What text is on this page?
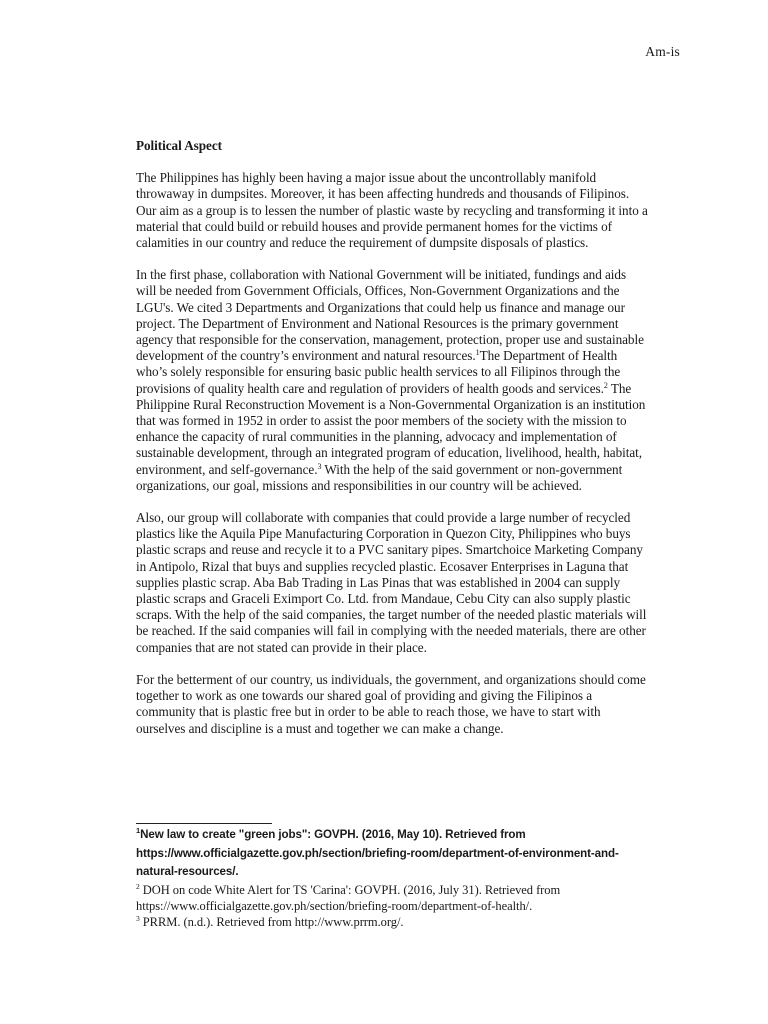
Am-is
Political Aspect
The Philippines has highly been having a major issue about the uncontrollably manifold
throwaway in dumpsites. Moreover, it has been affecting hundreds and thousands of Filipinos.
Our aim as a group is to lessen the number of plastic waste by recycling and transforming it into a
material that could build or rebuild houses and provide permanent homes for the victims of
calamities in our country and reduce the requirement of dumpsite disposals of plastics.
In the first phase, collaboration with National Government will be initiated, fundings and aids
will be needed from Government Officials, Offices, Non-Government Organizations and the
LGU's. We cited 3 Departments and Organizations that could help us finance and manage our
project. The Department of Environment and National Resources is the primary government
agency that responsible for the conservation, management, protection, proper use and sustainable
development of the country’s environment and natural resources.$^1$The Department of Health
who’s solely responsible for ensuring basic public health services to all Filipinos through the
provisions of quality health care and regulation of providers of health goods and services.$^2$ The
Philippine Rural Reconstruction Movement is a Non-Governmental Organization is an institution
that was formed in 1952 in order to assist the poor members of the society with the mission to
enhance the capacity of rural communities in the planning, advocacy and implementation of
sustainable development, through an integrated program of education, livelihood, health, habitat,
environment, and self-governance.$^3$ With the help of the said government or non-government
organizations, our goal, missions and responsibilities in our country will be achieved.
Also, our group will collaborate with companies that could provide a large number of recycled
plastics like the Aquila Pipe Manufacturing Corporation in Quezon City, Philippines who buys
plastic scraps and reuse and recycle it to a PVC sanitary pipes. Smartchoice Marketing Company
in Antipolo, Rizal that buys and supplies recycled plastic. Ecosaver Enterprises in Laguna that
supplies plastic scrap. Aba Bab Trading in Las Pinas that was established in 2004 can supply
plastic scraps and Graceli Eximport Co. Ltd. from Mandaue, Cebu City can also supply plastic
scraps. With the help of the said companies, the target number of the needed plastic materials will
be reached. If the said companies will fail in complying with the needed materials, there are other
companies that are not stated can provide in their place.
For the betterment of our country, us individuals, the government, and organizations should come
together to work as one towards our shared goal of providing and giving the Filipinos a
community that is plastic free but in order to be able to reach those, we have to start with
ourselves and discipline is a must and together we can make a change.
$^1$New law to create "green jobs": GOVPH. (2016, May 10). Retrieved from
https://www.officialgazette.gov.ph/section/briefing-room/department-of-environment-and-
natural-resources/.
$^2$ DOH on code White Alert for TS 'Carina': GOVPH. (2016, July 31). Retrieved from
https://www.officialgazette.gov.ph/section/briefing-room/department-of-health/.
$^3$ PRRM. (n.d.). Retrieved from http://www.prrm.org/.
